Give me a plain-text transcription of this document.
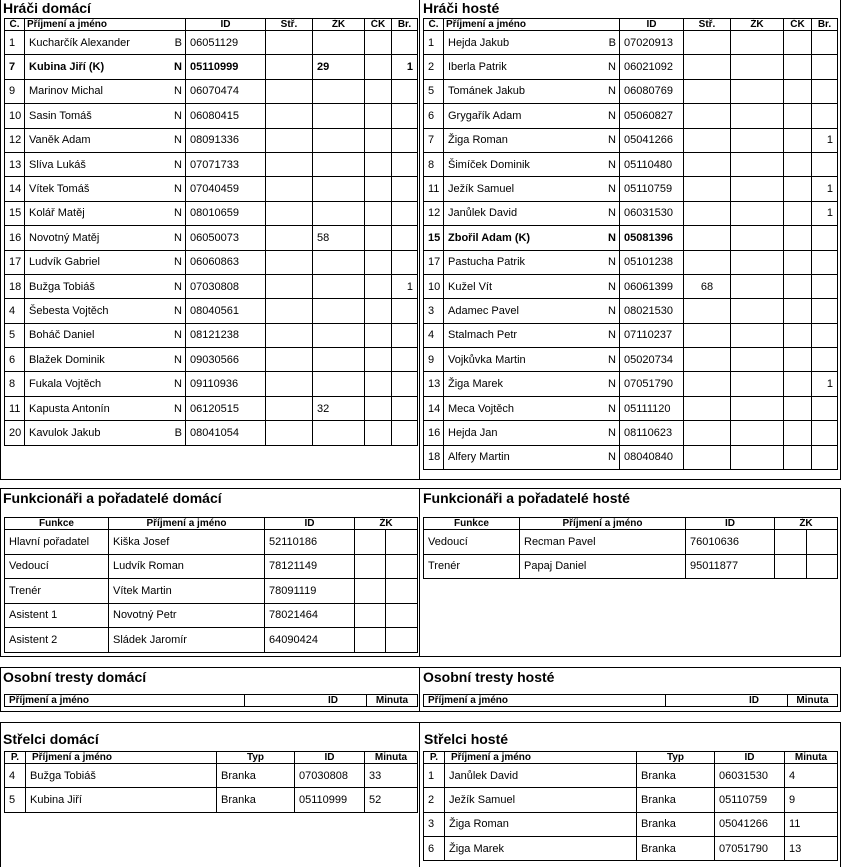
Hráči domácí
Č.	Příjmení a jméno	ID	Stř.	ŽK	ČK	Br.
1	Kucharčík Alexander B	06051129				
7	Kubina Jiří (K) N	05110999		29		1
9	Marinov Michal N	06070474				
10	Sasin Tomáš N	06080415				
12	Vaněk Adam N	08091336				
13	Slíva Lukáš N	07071733				
14	Vítek Tomáš N	07040459				
15	Kolář Matěj N	08010659				
16	Novotný Matěj N	06050073		58		
17	Ludvík Gabriel N	06060863				
18	Bužga Tobiáš N	07030808				1
4	Šebesta Vojtěch N	08040561				
5	Boháč Daniel N	08121238				
6	Blažek Dominik N	09030566				
8	Fukala Vojtěch N	09110936				
11	Kapusta Antonín N	06120515		32		
20	Kavulok Jakub B	08041054				
Hráči hosté
Č.	Příjmení a jméno	ID	Stř.	ŽK	ČK	Br.
1	Hejda Jakub B	07020913				
2	Iberla Patrik N	06021092				
5	Tománek Jakub N	06080769				
6	Grygařík Adam N	05060827				
7	Žiga Roman N	05041266				1
8	Šimíček Dominik N	05110480				
11	Ježík Samuel N	05110759				1
12	Janůlek David N	06031530				1
15	Zbořil Adam (K) N	05081396				
17	Pastucha Patrik N	05101238				
10	Kužel Vít N	06061399	68			
3	Adamec Pavel N	08021530				
4	Stalmach Petr N	07110237				
9	Vojkůvka Martin N	05020734				
13	Žiga Marek N	07051790				1
14	Meca Vojtěch N	05111120				
16	Hejda Jan N	08110623				
18	Alfery Martin N	08040840				
Funkcionáři a pořadatelé domácí
Funkce	Příjmení a jméno	ID	ŽK	
Hlavní pořadatel	Kiška Josef	52110186		
Vedoucí	Ludvík Roman	78121149		
Trenér	Vítek Martin	78091119		
Asistent 1	Novotný Petr	78021464		
Asistent 2	Sládek Jaromír	64090424		
Funkcionáři a pořadatelé hosté
Funkce	Příjmení a jméno	ID	ŽK	
Vedoucí	Recman Pavel	76010636		
Trenér	Papaj Daniel	95011877		
Osobní tresty domácí
Příjmení a jméno	ID	Minuta
Osobní tresty hosté
Příjmení a jméno	ID	Minuta
Střelci domácí
P.	Příjmení a jméno	Typ	ID	Minuta
4	Bužga Tobiáš	Branka	07030808	33
5	Kubina Jiří	Branka	05110999	52
Střelci hosté
P.	Příjmení a jméno	Typ	ID	Minuta
1	Janůlek David	Branka	06031530	4
2	Ježík Samuel	Branka	05110759	9
3	Žiga Roman	Branka	05041266	11
6	Žiga Marek	Branka	07051790	13
